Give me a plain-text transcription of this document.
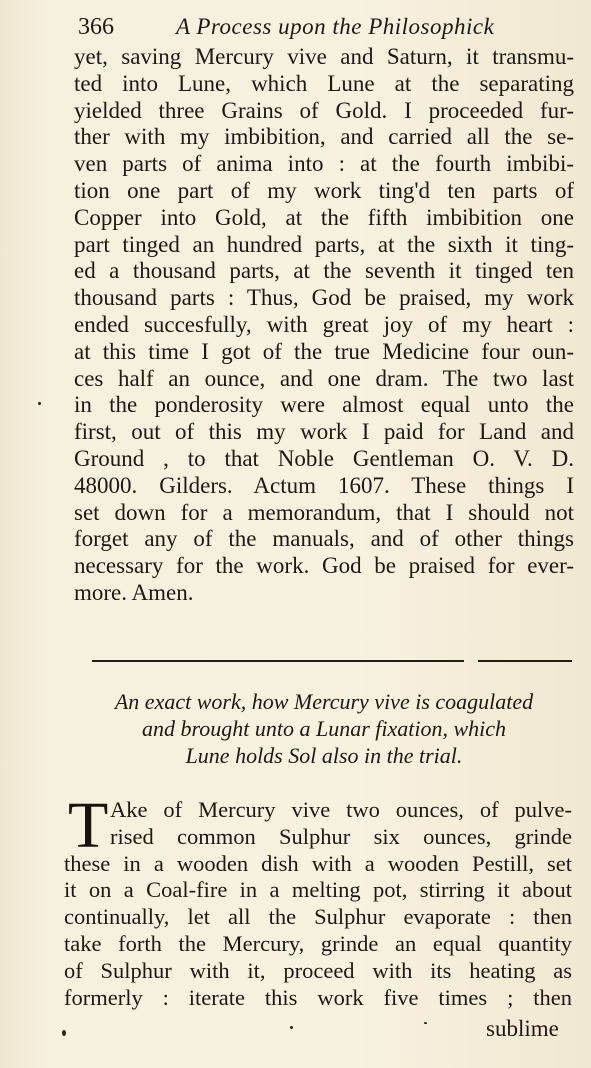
366	A Process upon the Philosophick
yet, saving Mercury vive and Saturn, it transmu-
ted into Lune, which Lune at the separating
yielded three Grains of Gold. I proceeded fur-
ther with my imbibition, and carried all the se-
ven parts of anima into : at the fourth imbibi-
tion one part of my work ting'd ten parts of
Copper into Gold, at the fifth imbibition one
part tinged an hundred parts, at the sixth it ting-
ed a thousand parts, at the seventh it tinged ten
thousand parts : Thus, God be praised, my work
ended succesfully, with great joy of my heart :
at this time I got of the true Medicine four oun-
ces half an ounce, and one dram. The two last
in the ponderosity were almost equal unto the
first, out of this my work I paid for Land and
Ground , to that Noble Gentleman O. V. D.
48000. Gilders. Actum 1607. These things I
set down for a memorandum, that I should not
forget any of the manuals, and of other things
necessary for the work. God be praised for ever-
more. Amen.
An exact work, how Mercury vive is coagulated
and brought unto a Lunar fixation, which
Lune holds Sol also in the trial.
T Ake of Mercury vive two ounces, of pulve-
rised common Sulphur six ounces, grinde
these in a wooden dish with a wooden Pestill, set
it on a Coal-fire in a melting pot, stirring it about
continually, let all the Sulphur evaporate : then
take forth the Mercury, grinde an equal quantity
of Sulphur with it, proceed with its heating as
formerly : iterate this work five times ; then
sublime
